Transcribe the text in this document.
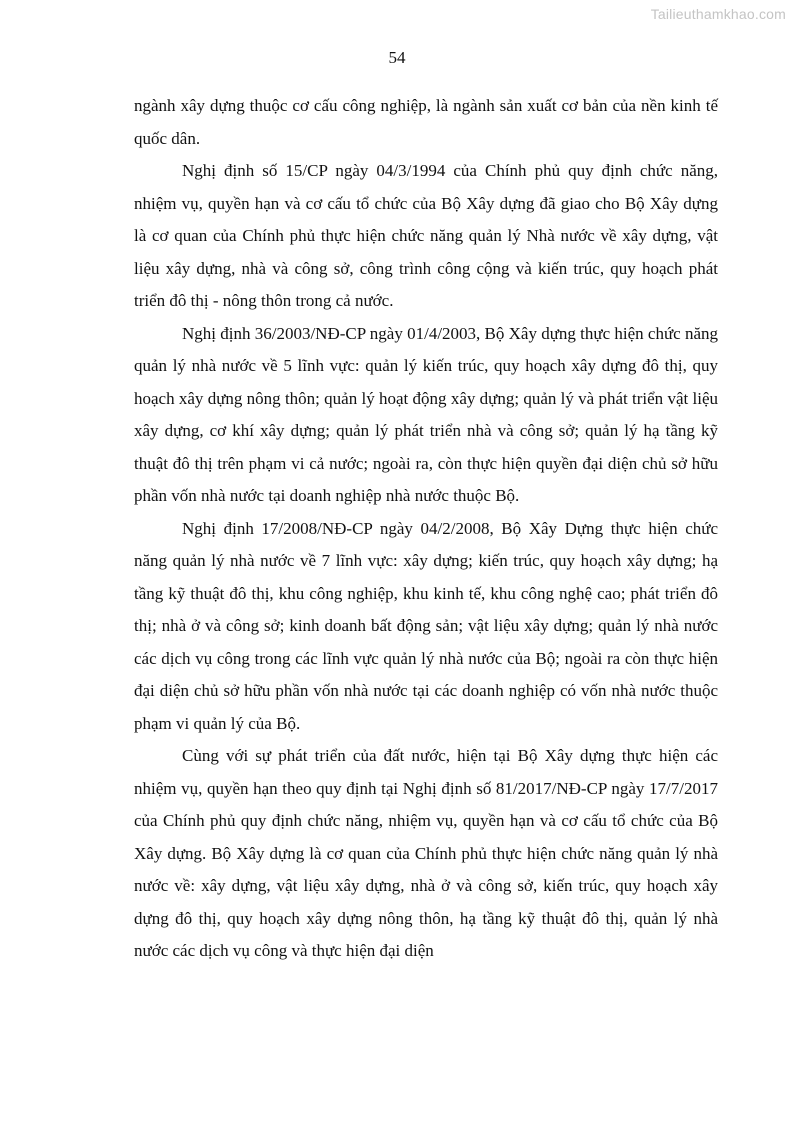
Tailieuthamkhao.com
54

ngành xây dựng thuộc cơ cấu công nghiệp, là ngành sản xuất cơ bản của nền kinh tế quốc dân.

Nghị định số 15/CP ngày 04/3/1994 của Chính phủ quy định chức năng, nhiệm vụ, quyền hạn và cơ cấu tổ chức của Bộ Xây dựng đã giao cho Bộ Xây dựng là cơ quan của Chính phủ thực hiện chức năng quản lý Nhà nước về xây dựng, vật liệu xây dựng, nhà và công sở, công trình công cộng và kiến trúc, quy hoạch phát triển đô thị - nông thôn trong cả nước.

Nghị định 36/2003/NĐ-CP ngày 01/4/2003, Bộ Xây dựng thực hiện chức năng quản lý nhà nước về 5 lĩnh vực: quản lý kiến trúc, quy hoạch xây dựng đô thị, quy hoạch xây dựng nông thôn; quản lý hoạt động xây dựng; quản lý và phát triển vật liệu xây dựng, cơ khí xây dựng; quản lý phát triển nhà và công sở; quản lý hạ tầng kỹ thuật đô thị trên phạm vi cả nước; ngoài ra, còn thực hiện quyền đại diện chủ sở hữu phần vốn nhà nước tại doanh nghiệp nhà nước thuộc Bộ.

Nghị định 17/2008/NĐ-CP ngày 04/2/2008, Bộ Xây Dựng thực hiện chức năng quản lý nhà nước về 7 lĩnh vực: xây dựng; kiến trúc, quy hoạch xây dựng; hạ tầng kỹ thuật đô thị, khu công nghiệp, khu kinh tế, khu công nghệ cao; phát triển đô thị; nhà ở và công sở; kinh doanh bất động sản; vật liệu xây dựng; quản lý nhà nước các dịch vụ công trong các lĩnh vực quản lý nhà nước của Bộ; ngoài ra còn thực hiện đại diện chủ sở hữu phần vốn nhà nước tại các doanh nghiệp có vốn nhà nước thuộc phạm vi quản lý của Bộ.

Cùng với sự phát triển của đất nước, hiện tại Bộ Xây dựng thực hiện các nhiệm vụ, quyền hạn theo quy định tại Nghị định số 81/2017/NĐ-CP ngày 17/7/2017 của Chính phủ quy định chức năng, nhiệm vụ, quyền hạn và cơ cấu tổ chức của Bộ Xây dựng. Bộ Xây dựng là cơ quan của Chính phủ thực hiện chức năng quản lý nhà nước về: xây dựng, vật liệu xây dựng, nhà ở và công sở, kiến trúc, quy hoạch xây dựng đô thị, quy hoạch xây dựng nông thôn, hạ tầng kỹ thuật đô thị, quản lý nhà nước các dịch vụ công và thực hiện đại diện
